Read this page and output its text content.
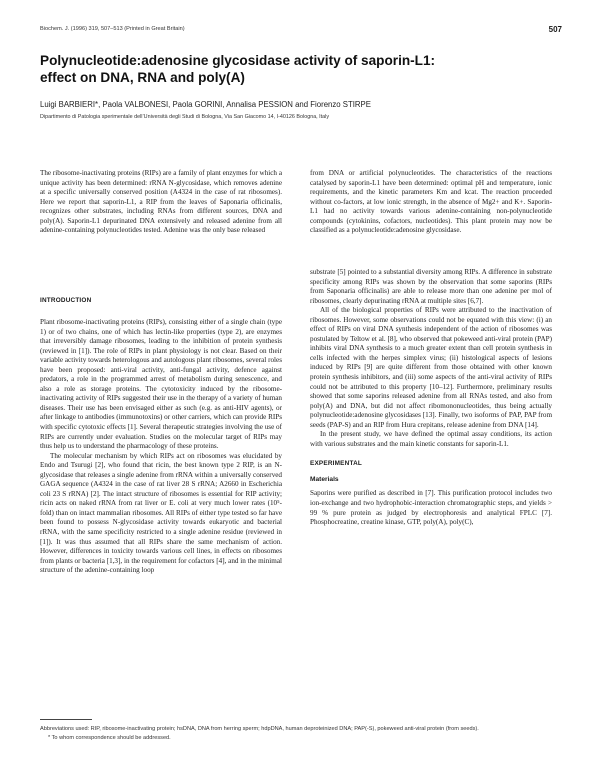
Biochem. J. (1996) 319, 507–513 (Printed in Great Britain)	507
Polynucleotide:adenosine glycosidase activity of saporin-L1:
effect on DNA, RNA and poly(A)
Luigi BARBIERI*, Paola VALBONESI, Paola GORINI, Annalisa PESSION and Fiorenzo STIRPE
Dipartimento di Patologia sperimentale dell’Università degli Studi di Bologna, Via San Giacomo 14, I-40126 Bologna, Italy

The ribosome-inactivating proteins (RIPs) are a family of plant enzymes for which a unique activity has been determined: rRNA N-glycosidase, which removes adenine at a specific universally conserved position (A4324 in the case of rat ribosomes). Here we report that saporin-L1, a RIP from the leaves of Saponaria officinalis, recognizes other substrates, including RNAs from different sources, DNA and poly(A). Saporin-L1 depurinated DNA extensively and released adenine from all adenine-containing polynucleotides tested. Adenine was the only base released

from DNA or artificial polynucleotides. The characteristics of the reactions catalysed by saporin-L1 have been determined: optimal pH and temperature, ionic requirements, and the kinetic parameters Km and kcat. The reaction proceeded without co-factors, at low ionic strength, in the absence of Mg2+ and K+. Saporin-L1 had no activity towards various adenine-containing non-polynucleotide compounds (cytokinins, cofactors, nucleotides). This plant protein may now be classified as a polynucleotide:adenosine glycosidase.

INTRODUCTION

Plant ribosome-inactivating proteins (RIPs), consisting either of a single chain (type 1) or of two chains, one of which has lectin-like properties (type 2), are enzymes that irreversibly damage ribosomes, leading to the inhibition of protein synthesis (reviewed in [1]). The role of RIPs in plant physiology is not clear. Based on their variable activity towards heterologous and autologous plant ribosomes, several roles have been proposed: anti-viral activity, anti-fungal activity, defence against predators, a role in the programmed arrest of metabolism during senescence, and also a role as storage proteins. The cytotoxicity induced by the ribosome-inactivating activity of RIPs suggested their use in the therapy of a variety of human diseases. Their use has been envisaged either as such (e.g. as anti-HIV agents), or after linkage to antibodies (immunotoxins) or other carriers, which can provide RIPs with specific cytotoxic effects [1]. Several therapeutic strategies involving the use of RIPs are currently under evaluation. Studies on the molecular target of RIPs may thus help us to understand the pharmacology of these proteins.

The molecular mechanism by which RIPs act on ribosomes was elucidated by Endo and Tsurugi [2], who found that ricin, the best known type 2 RIP, is an N-glycosidase that releases a single adenine from rRNA within a universally conserved GAGA sequence (A4324 in the case of rat liver 28 S rRNA; A2660 in Escherichia coli 23 S rRNA) [2]. The intact structure of ribosomes is essential for RIP activity; ricin acts on naked rRNA from rat liver or E. coli at very much lower rates (10⁵-fold) than on intact mammalian ribosomes. All RIPs of either type tested so far have been found to possess N-glycosidase activity towards eukaryotic and bacterial rRNA, with the same specificity restricted to a single adenine residue (reviewed in [1]). It was thus assumed that all RIPs share the same mechanism of action. However, differences in toxicity towards various cell lines, in effects on ribosomes from plants or bacteria [1,3], in the requirement for cofactors [4], and in the minimal structure of the adenine-containing loop

substrate [5] pointed to a substantial diversity among RIPs. A difference in substrate specificity among RIPs was shown by the observation that some saporins (RIPs from Saponaria officinalis) are able to release more than one adenine per mol of ribosomes, clearly depurinating rRNA at multiple sites [6,7].

All of the biological properties of RIPs were attributed to the inactivation of ribosomes. However, some observations could not be equated with this view: (i) an effect of RIPs on viral DNA synthesis independent of the action of ribosomes was postulated by Teltow et al. [8], who observed that pokeweed anti-viral protein (PAP) inhibits viral DNA synthesis to a much greater extent than cell protein synthesis in cells infected with the herpes simplex virus; (ii) histological aspects of lesions induced by RIPs [9] are quite different from those obtained with other known protein synthesis inhibitors, and (iii) some aspects of the anti-viral activity of RIPs could not be attributed to this property [10–12]. Furthermore, preliminary results showed that some saporins released adenine from all RNAs tested, and also from poly(A) and DNA, but did not affect ribomononucleotides, thus being actually polynucleotide:adenosine glycosidases [13]. Finally, two isoforms of PAP, PAP from seeds (PAP-S) and an RIP from Hura crepitans, release adenine from DNA [14].

In the present study, we have defined the optimal assay conditions, its action with various substrates and the main kinetic constants for saporin-L1.

EXPERIMENTAL
Materials

Saporins were purified as described in [7]. This purification protocol includes two ion-exchange and two hydrophobic-interaction chromatographic steps, and yields > 99 % pure protein as judged by electrophoresis and analytical FPLC [7]. Phosphocreatine, creatine kinase, GTP, poly(A), poly(C),

Abbreviations used: RIP, ribosome-inactivating protein; hsDNA, DNA from herring sperm; hdpDNA, human deproteinized DNA; PAP(-S), pokeweed anti-viral protein (from seeds).

* To whom correspondence should be addressed.
